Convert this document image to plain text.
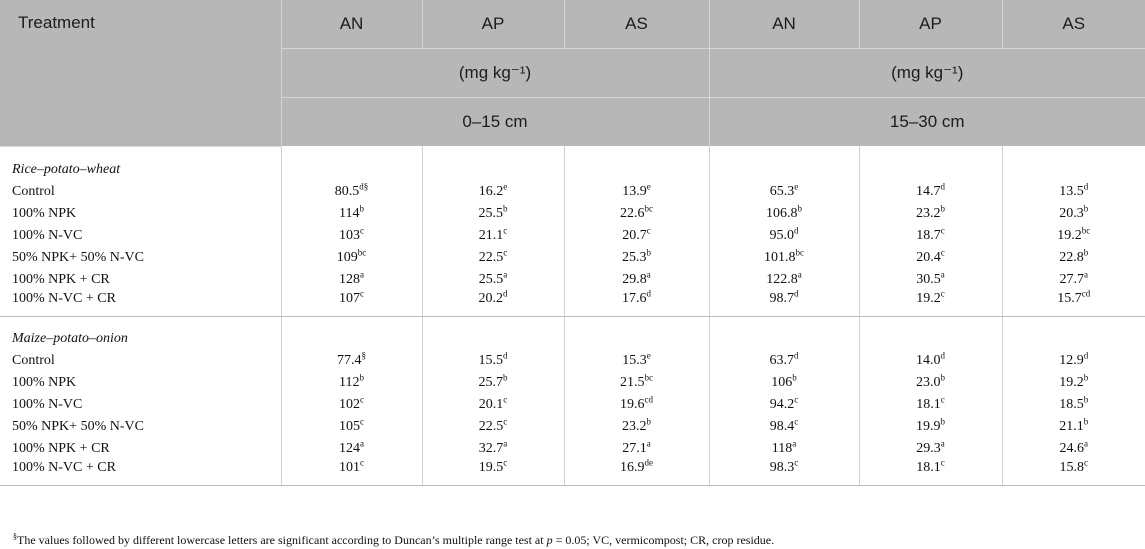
Treatment	AN	AP	AS	AN	AP	AS
	(mg kg⁻¹)			(mg kg⁻¹)		
	0–15 cm			15–30 cm		
Rice–potato–wheat						
Control	$80.5^{d\S}$	16.2e	13.9e	65.3e	14.7$^d$	13.5$^d$
100% NPK	114$^b$	25.5$^b$	22.6$^{bc}$	106.8$^b$	23.2$^b$	20.3$^b$
100% N-VC	103$^c$	21.1$^c$	20.7$^c$	95.0$^d$	18.7$^c$	19.2$^{bc}$
50% NPK+ 50% N-VC	$109^{bc}$	22.5$^c$	25.3$^b$	101.8$^{bc}$	20.4$^c$	22.8$^b$
100% NPK + CR	128$^a$	25.5$^a$	29.8$^a$	122.8$^a$	30.5$^a$	27.7$^a$
100% N-VC + CR	107$^c$	20.2$^d$	17.6$^d$	98.7$^d$	19.2$^c$	15.7$^{cd}$
Maize–potato–onion						
Control	77.4§	15.5$^d$	15.3e	63.7$^d$	14.0$^d$	12.9$^d$
100% NPK	112$^b$	25.7$^b$	21.5$^{bc}$	106$^b$	23.0$^b$	19.2$^b$
100% N-VC	102$^c$	20.1$^c$	19.6$^{cd}$	94.2$^c$	18.1$^c$	18.5$^b$
50% NPK+ 50% N-VC	105$^c$	22.5$^c$	23.2$^b$	98.4$^c$	19.9$^b$	21.1$^b$
100% NPK + CR	124$^a$	32.7$^a$	27.1$^a$	118$^a$	29.3$^a$	24.6$^a$
100% N-VC + CR	101$^c$	19.5$^c$	16.9de	98.3$^c$	18.1$^c$	15.8$^c$
§The values followed by different lowercase letters are significant according to Duncan’s multiple range test at p = 0.05; VC, vermicompost; CR, crop residue.
